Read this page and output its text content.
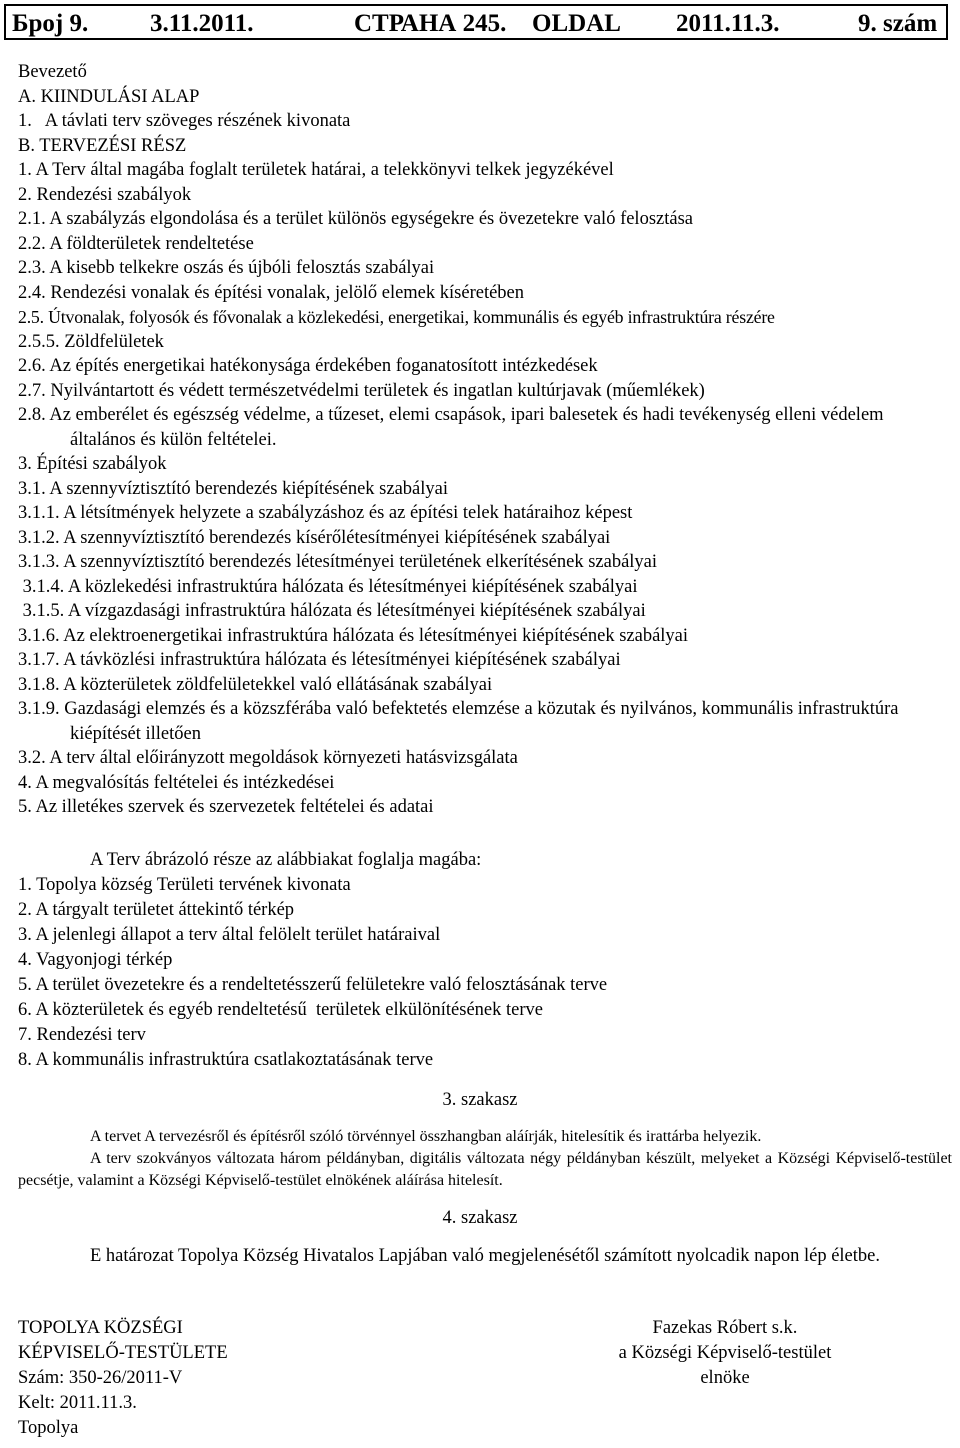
Број 9. 3.11.2011.	СТРАНА 245. OLDAL 2011.11.3.	9. szám
Bevezető
A. KIINDULÁSI ALAP
1.   A távlati terv szöveges részének kivonata
B. TERVEZÉSI RÉSZ
1. A Terv által magába foglalt területek határai, a telekkönyvi telkek jegyzékével
2. Rendezési szabályok
2.1. A szabályzás elgondolása és a terület különös egységekre és övezetekre való felosztása
2.2. A földterületek rendeltetése
2.3. A kisebb telkekre oszás és újbóli felosztás szabályai
2.4. Rendezési vonalak és építési vonalak, jelölő elemek kíséretében
2.5. Útvonalak, folyosók és fővonalak a közlekedési, energetikai, kommunális és egyéb infrastruktúra részére
2.5.5. Zöldfelületek
2.6. Az építés energetikai hatékonysága érdekében foganatosított intézkedések
2.7. Nyilvántartott és védett természetvédelmi területek és ingatlan kultúrjavak (műemlékek)
2.8. Az emberélet és egészség védelme, a tűzeset, elemi csapások, ipari balesetek és hadi tevékenység elleni védelem általános és külön feltételei.
3. Építési szabályok
3.1. A szennyvíztisztító berendezés kiépítésének szabályai
3.1.1. A létsítmények helyzete a szabályzáshoz és az építési telek határaihoz képest
3.1.2. A szennyvíztisztító berendezés kísérőlétesítményei kiépítésének szabályai
3.1.3. A szennyvíztisztító berendezés létesítményei területének elkerítésének szabályai
3.1.4. A közlekedési infrastruktúra hálózata és létesítményei kiépítésének szabályai
3.1.5. A vízgazdasági infrastruktúra hálózata és létesítményei kiépítésének szabályai
3.1.6. Az elektroenergetikai infrastruktúra hálózata és létesítményei kiépítésének szabályai
3.1.7. A távközlési infrastruktúra hálózata és létesítményei kiépítésének szabályai
3.1.8. A közterületek zöldfelületekkel való ellátásának szabályai
3.1.9. Gazdasági elemzés és a közszférába való befektetés elemzése a közutak és nyilvános, kommunális infrastruktúra kiépítését illetően
3.2. A terv által előirányzott megoldások környezeti hatásvizsgálata
4. A megvalósítás feltételei és intézkedései
5. Az illetékes szervek és szervezetek feltételei és adatai
A Terv ábrázoló része az alábbiakat foglalja magába:
1. Topolya község Területi tervének kivonata
2. A tárgyalt területet áttekintő térkép
3. A jelenlegi állapot a terv által felölelt terület határaival
4. Vagyonjogi térkép
5. A terület övezetekre és a rendeltetésszerű felületekre való felosztásának terve
6. A közterületek és egyéb rendeltetésű  területek elkülönítésének terve
7. Rendezési terv
8. A kommunális infrastruktúra csatlakoztatásának terve
3. szakasz
A tervet A tervezésről és építésről szóló törvénnyel összhangban aláírják, hitelesítik és irattárba helyezik.
A terv szokványos változata három példányban, digitális változata négy példányban készült, melyeket a Községi Képviselő-testület pecsétje, valamint a Községi Képviselő-testület elnökének aláírása hitelesít.
4. szakasz
E határozat Topolya Község Hivatalos Lapjában való megjelenésétől számított nyolcadik napon lép életbe.
TOPOLYA KÖZSÉGI
KÉPVISELŐ-TESTÜLETE
Szám: 350-26/2011-V
Kelt: 2011.11.3.
Topolya
Fazekas Róbert s.k.
a Községi Képviselő-testület
elnöke
